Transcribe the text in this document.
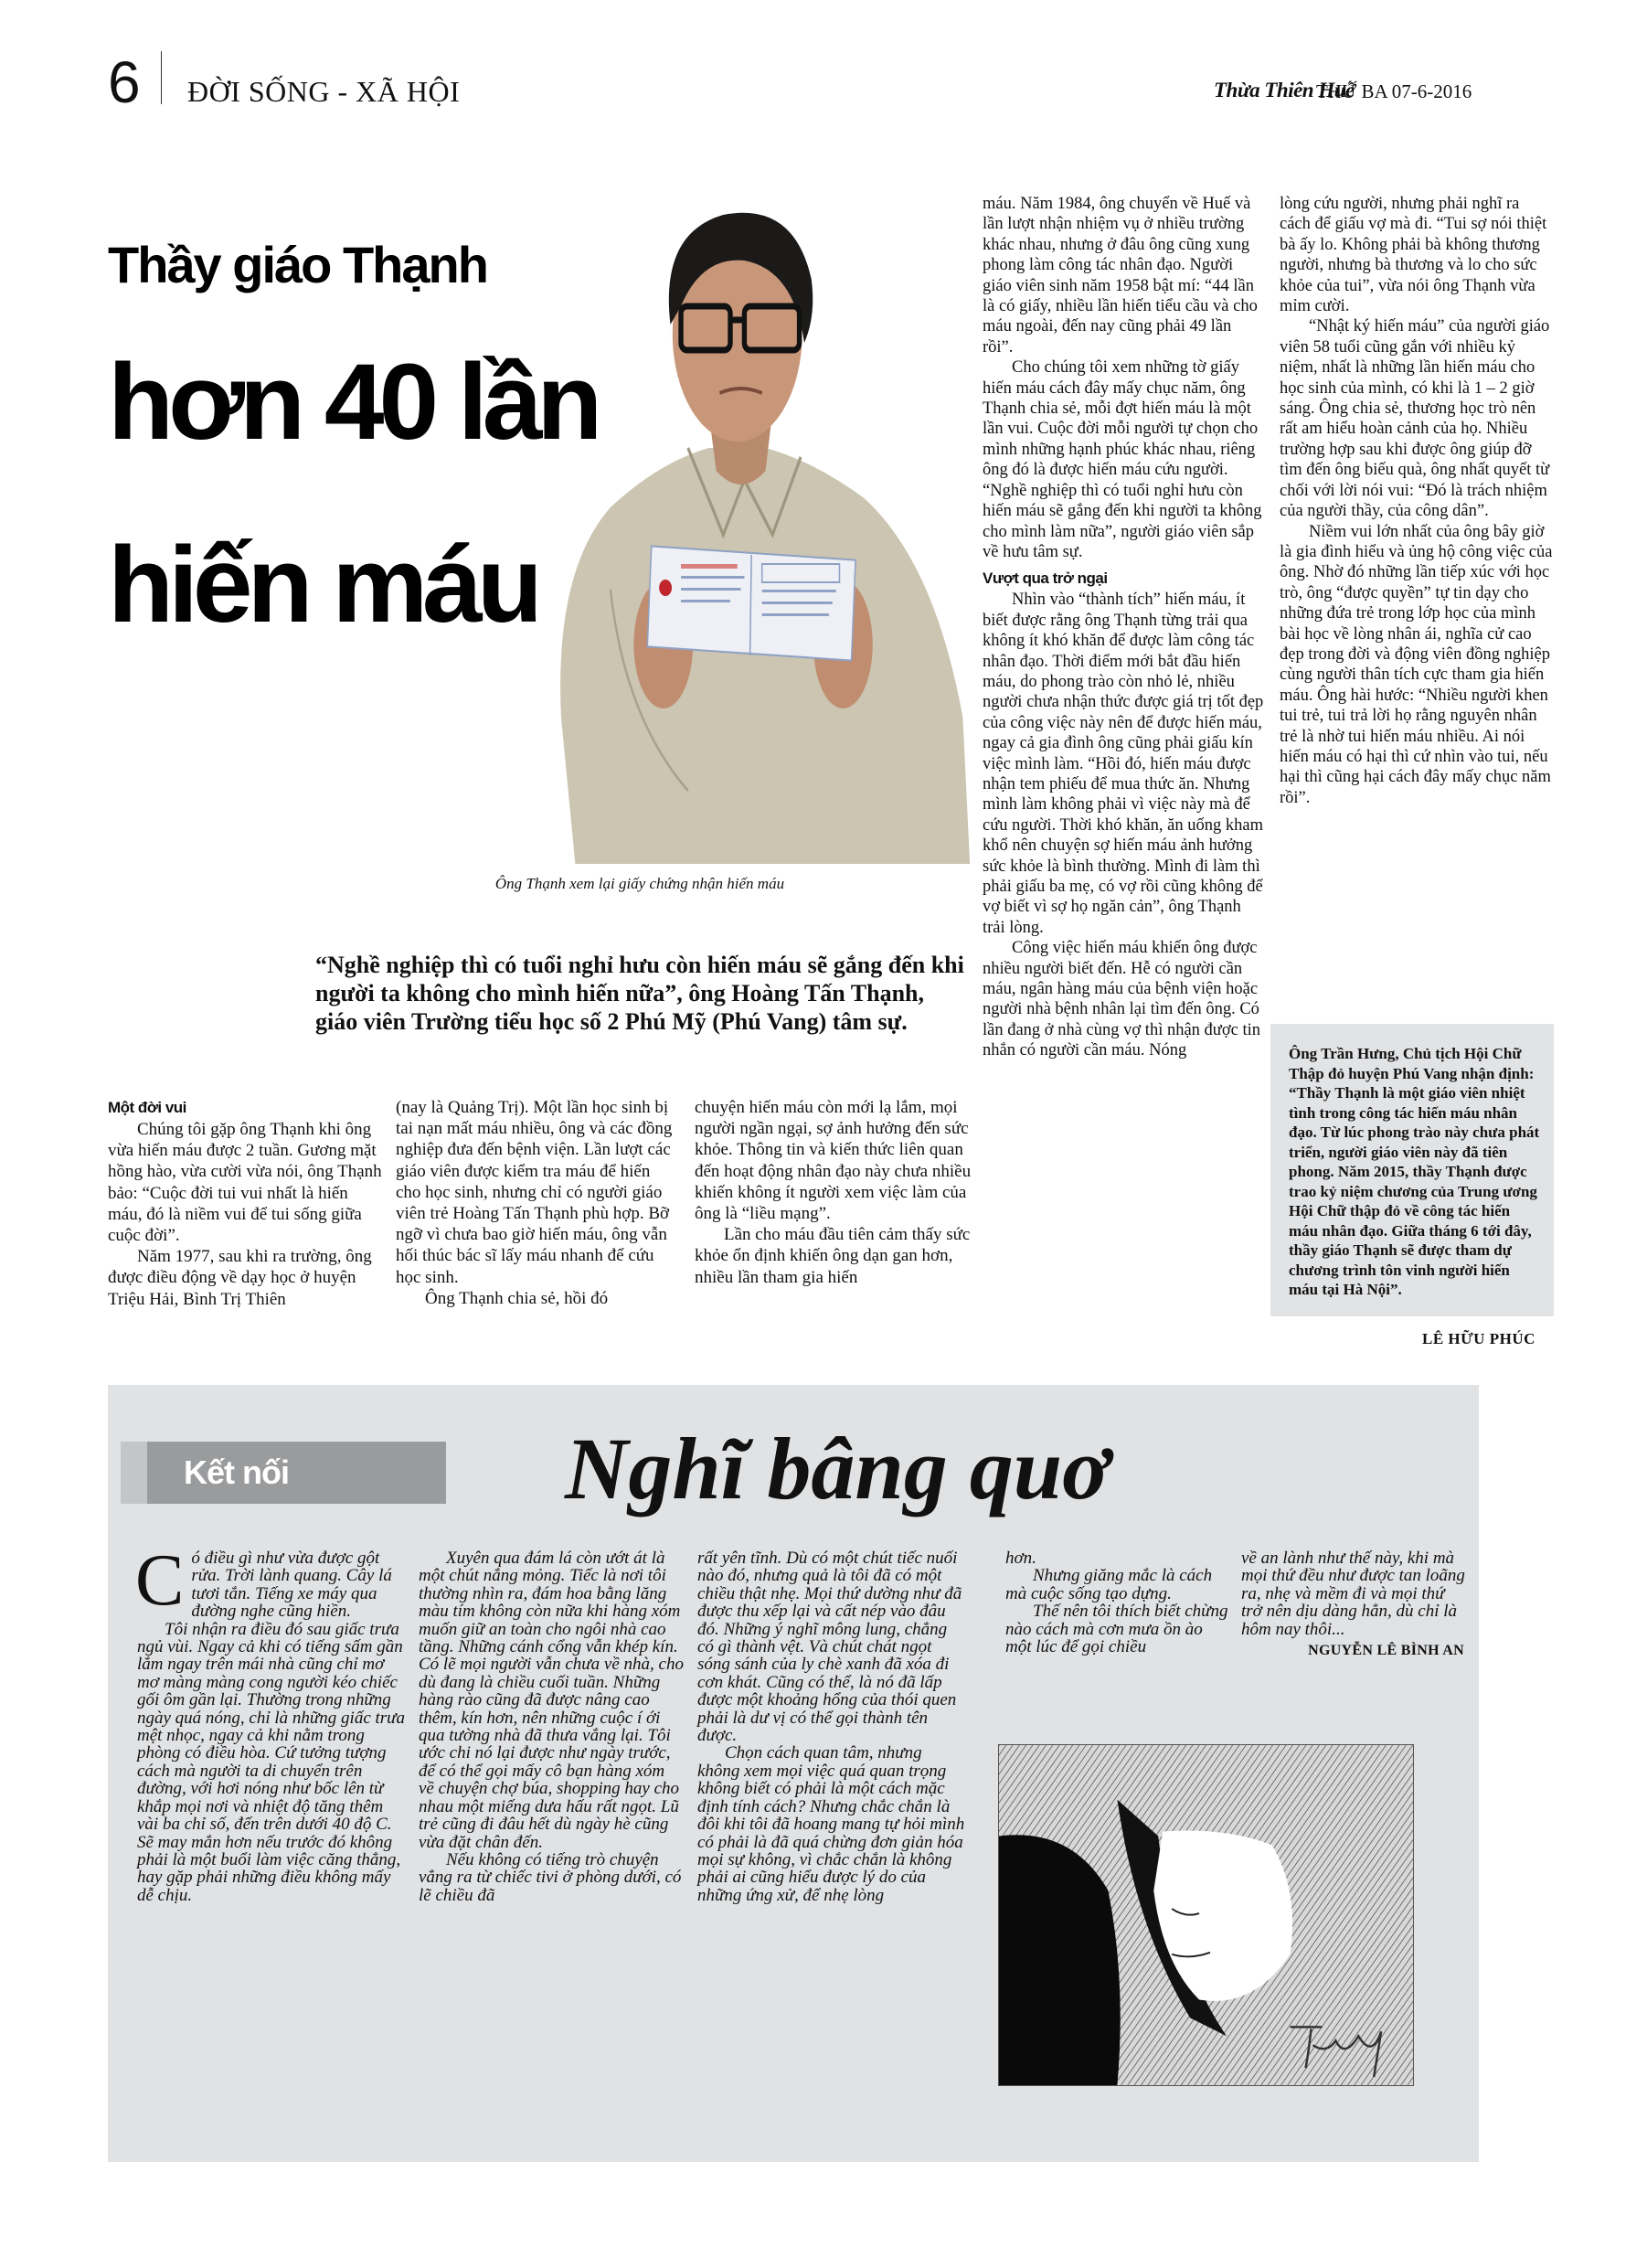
6 ĐỜI SỐNG - XÃ HỘI	Thừa Thiên Huế
THỨ BA 07-6-2016
Thầy giáo Thạnh
hơn 40 lần
hiến máu
Ông Thạnh xem lại giấy chứng nhận hiến máu
“Nghề nghiệp thì có tuổi nghỉ hưu còn hiến máu sẽ gắng đến khi người ta không cho mình hiến nữa”, ông Hoàng Tấn Thạnh, giáo viên Trường tiểu học số 2 Phú Mỹ (Phú Vang) tâm sự.

Một đời vui

Chúng tôi gặp ông Thạnh khi ông vừa hiến máu được 2 tuần. Gương mặt hồng hào, vừa cười vừa nói, ông Thạnh bảo: “Cuộc đời tui vui nhất là hiến máu, đó là niềm vui để tui sống giữa cuộc đời”.

Năm 1977, sau khi ra trường, ông được điều động về dạy học ở huyện Triệu Hải, Bình Trị Thiên

(nay là Quảng Trị). Một lần học sinh bị tai nạn mất máu nhiều, ông và các đồng nghiệp đưa đến bệnh viện. Lần lượt các giáo viên được kiểm tra máu để hiến cho học sinh, nhưng chỉ có người giáo viên trẻ Hoàng Tấn Thạnh phù hợp. Bỡ ngỡ vì chưa bao giờ hiến máu, ông vẫn hối thúc bác sĩ lấy máu nhanh để cứu học sinh.

Ông Thạnh chia sẻ, hồi đó

chuyện hiến máu còn mới lạ lắm, mọi người ngần ngại, sợ ảnh hưởng đến sức khỏe. Thông tin và kiến thức liên quan đến hoạt động nhân đạo này chưa nhiều khiến không ít người xem việc làm của ông là “liều mạng”.

Lần cho máu đầu tiên cảm thấy sức khỏe ổn định khiến ông dạn gan hơn, nhiều lần tham gia hiến

máu. Năm 1984, ông chuyển về Huế và lần lượt nhận nhiệm vụ ở nhiều trường khác nhau, nhưng ở đâu ông cũng xung phong làm công tác nhân đạo. Người giáo viên sinh năm 1958 bật mí: “44 lần là có giấy, nhiều lần hiến tiểu cầu và cho máu ngoài, đến nay cũng phải 49 lần rồi”.

Cho chúng tôi xem những tờ giấy hiến máu cách đây mấy chục năm, ông Thạnh chia sẻ, mỗi đợt hiến máu là một lần vui. Cuộc đời mỗi người tự chọn cho mình những hạnh phúc khác nhau, riêng ông đó là được hiến máu cứu người. “Nghề nghiệp thì có tuổi nghỉ hưu còn hiến máu sẽ gắng đến khi người ta không cho mình làm nữa”, người giáo viên sắp về hưu tâm sự.

Vượt qua trở ngại

Nhìn vào “thành tích” hiến máu, ít biết được rằng ông Thạnh từng trải qua không ít khó khăn để được làm công tác nhân đạo. Thời điểm mới bắt đầu hiến máu, do phong trào còn nhỏ lẻ, nhiều người chưa nhận thức được giá trị tốt đẹp của công việc này nên để được hiến máu, ngay cả gia đình ông cũng phải giấu kín việc mình làm. “Hồi đó, hiến máu được nhận tem phiếu để mua thức ăn. Nhưng mình làm không phải vì việc này mà để cứu người. Thời khó khăn, ăn uống kham khổ nên chuyện sợ hiến máu ảnh hưởng sức khỏe là bình thường. Mình đi làm thì phải giấu ba mẹ, có vợ rồi cũng không để vợ biết vì sợ họ ngăn cản”, ông Thạnh trải lòng.

Công việc hiến máu khiến ông được nhiều người biết đến. Hễ có người cần máu, ngân hàng máu của bệnh viện hoặc người nhà bệnh nhân lại tìm đến ông. Có lần đang ở nhà cùng vợ thì nhận được tin nhắn có người cần máu. Nóng

lòng cứu người, nhưng phải nghĩ ra cách để giấu vợ mà đi. “Tui sợ nói thiệt bà ấy lo. Không phải bà không thương người, nhưng bà thương và lo cho sức khỏe của tui”, vừa nói ông Thạnh vừa mỉm cười.

“Nhật ký hiến máu” của người giáo viên 58 tuổi cũng gắn với nhiều kỷ niệm, nhất là những lần hiến máu cho học sinh của mình, có khi là 1 – 2 giờ sáng. Ông chia sẻ, thương học trò nên rất am hiểu hoàn cảnh của họ. Nhiều trường hợp sau khi được ông giúp đỡ tìm đến ông biếu quà, ông nhất quyết từ chối với lời nói vui: “Đó là trách nhiệm của người thầy, của công dân”.

Niềm vui lớn nhất của ông bây giờ là gia đình hiểu và ủng hộ công việc của ông. Nhờ đó những lần tiếp xúc với học trò, ông “được quyền” tự tin dạy cho những đứa trẻ trong lớp học của mình bài học về lòng nhân ái, nghĩa cử cao đẹp trong đời và động viên đồng nghiệp cùng người thân tích cực tham gia hiến máu. Ông hài hước: “Nhiều người khen tui trẻ, tui trả lời họ rằng nguyên nhân trẻ là nhờ tui hiến máu nhiều. Ai nói hiến máu có hại thì cứ nhìn vào tui, nếu hại thì cũng hại cách đây mấy chục năm rồi”.

Ông Trần Hưng, Chủ tịch Hội Chữ Thập đỏ huyện Phú Vang nhận định: “Thầy Thạnh là một giáo viên nhiệt tình trong công tác hiến máu nhân đạo. Từ lúc phong trào này chưa phát triển, người giáo viên này đã tiên phong. Năm 2015, thầy Thạnh được trao kỷ niệm chương của Trung ương Hội Chữ thập đỏ về công tác hiến máu nhân đạo. Giữa tháng 6 tới đây, thầy giáo Thạnh sẽ được tham dự chương trình tôn vinh người hiến máu tại Hà Nội”.

LÊ HỮU PHÚC
Kết nối	Nghĩ bâng quơ

Có điều gì như vừa được gột rửa. Trời lành quang. Cây lá tươi tắn. Tiếng xe máy qua đường nghe cũng hiền.

Tôi nhận ra điều đó sau giấc trưa ngủ vùi. Ngay cả khi có tiếng sấm gần lắm ngay trên mái nhà cũng chỉ mơ mơ màng màng cong người kéo chiếc gối ôm gần lại. Thường trong những ngày quá nóng, chỉ là những giấc trưa mệt nhọc, ngay cả khi nằm trong phòng có điều hòa. Cứ tưởng tượng cách mà người ta di chuyển trên đường, với hơi nóng như bốc lên từ khắp mọi nơi và nhiệt độ tăng thêm vài ba chỉ số, đến trên dưới 40 độ C. Sẽ may mắn hơn nếu trước đó không phải là một buổi làm việc căng thẳng, hay gặp phải những điều không mấy dễ chịu.

Xuyên qua đám lá còn ướt át là một chút nắng mỏng. Tiếc là nơi tôi thường nhìn ra, đám hoa bằng lăng màu tím không còn nữa khi hàng xóm muốn giữ an toàn cho ngôi nhà cao tầng. Những cánh cổng vẫn khép kín. Có lẽ mọi người vẫn chưa về nhà, cho dù đang là chiều cuối tuần. Những hàng rào cũng đã được nâng cao thêm, kín hơn, nên những cuộc í ới qua tường nhà đã thưa vắng lại. Tôi ước chi nó lại được như ngày trước, để có thể gọi mấy cô bạn hàng xóm về chuyện chợ búa, shopping hay cho nhau một miếng dưa hấu rất ngọt. Lũ trẻ cũng đi đâu hết dù ngày hè cũng vừa đặt chân đến.

Nếu không có tiếng trò chuyện vẳng ra từ chiếc tivi ở phòng dưới, có lẽ chiều đã

rất yên tĩnh. Dù có một chút tiếc nuối nào đó, nhưng quả là tôi đã có một chiều thật nhẹ. Mọi thứ dường như đã được thu xếp lại và cất nép vào đâu đó. Những ý nghĩ mông lung, chẳng có gì thành vệt. Và chút chát ngọt sóng sánh của ly chè xanh đã xóa đi cơn khát. Cũng có thể, là nó đã lấp được một khoảng hổng của thói quen phải là dư vị có thể gọi thành tên được.

Chọn cách quan tâm, nhưng không xem mọi việc quá quan trọng không biết có phải là một cách mặc định tính cách? Nhưng chắc chắn là đôi khi tôi đã hoang mang tự hỏi mình có phải là đã quá chừng đơn giản hóa mọi sự không, vì chắc chắn là không phải ai cũng hiểu được lý do của những ứng xử, để nhẹ lòng

hơn.

Nhưng giăng mắc là cách mà cuộc sống tạo dựng.

Thế nên tôi thích biết chừng nào cách mà cơn mưa ồn ào một lúc để gọi chiều

về an lành như thế này, khi mà mọi thứ đều như được tan loãng ra, nhẹ và mềm đi và mọi thứ trở nên dịu dàng hẳn, dù chỉ là hôm nay thôi...

NGUYỄN LÊ BÌNH AN
